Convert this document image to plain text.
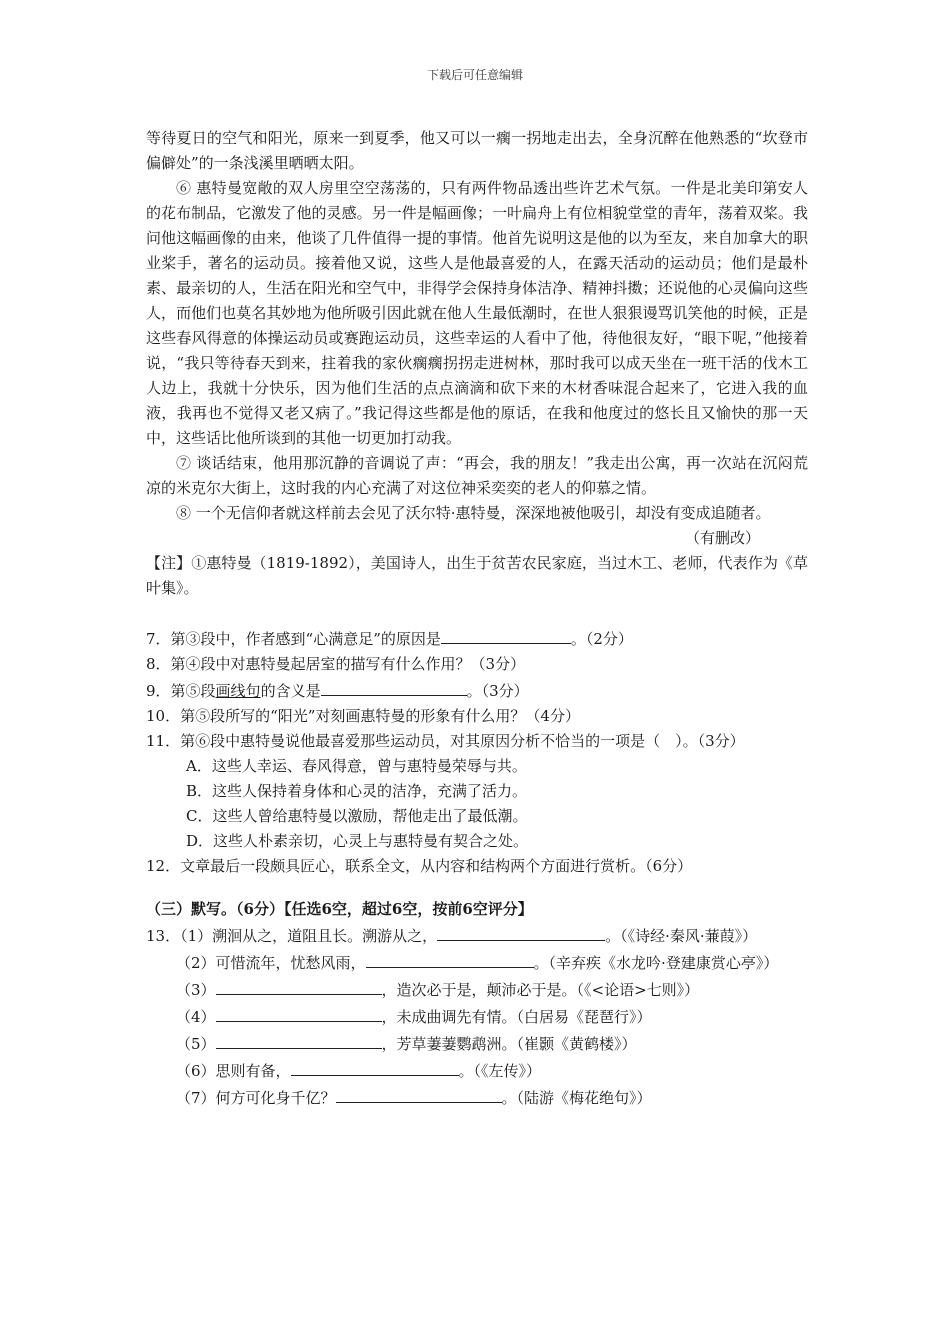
下载后可任意编辑

等待夏日的空气和阳光，原来一到夏季，他又可以一瘸一拐地走出去，全身沉醉在他熟悉的“坎登市偏僻处”的一条浅溪里晒晒太阳。

⑥ 惠特曼宽敞的双人房里空空荡荡的，只有两件物品透出些许艺术气氛。一件是北美印第安人的花布制品，它激发了他的灵感。另一件是幅画像；一叶扁舟上有位相貌堂堂的青年，荡着双桨。我问他这幅画像的由来，他谈了几件值得一提的事情。他首先说明这是他的以为至友，来自加拿大的职业桨手，著名的运动员。接着他又说，这些人是他最喜爱的人，在露天活动的运动员；他们是最朴素、最亲切的人，生活在阳光和空气中，非得学会保持身体洁净、精神抖擞；还说他的心灵偏向这些人，而他们也莫名其妙地为他所吸引因此就在他人生最低潮时，在世人狠狠谩骂讥笑他的时候，正是这些春风得意的体操运动员或赛跑运动员，这些幸运的人看中了他，待他很友好，“眼下呢，”他接着说，“我只等待春天到来，拄着我的家伙瘸瘸拐拐走进树林，那时我可以成天坐在一班干活的伐木工人边上，我就十分快乐，因为他们生活的点点滴滴和砍下来的木材香味混合起来了，它进入我的血液，我再也不觉得又老又病了。”我记得这些都是他的原话，在我和他度过的悠长且又愉快的那一天中，这些话比他所谈到的其他一切更加打动我。

⑦ 谈话结束，他用那沉静的音调说了声：“再会，我的朋友！”我走出公寓，再一次站在沉闷荒凉的米克尔大街上，这时我的内心充满了对这位神采奕奕的老人的仰慕之情。

⑧ 一个无信仰者就这样前去会见了沃尔特·惠特曼，深深地被他吸引，却没有变成追随者。

（有删改）

【注】①惠特曼（1819-1892），美国诗人，出生于贫苦农民家庭，当过木工、老师，代表作为《草叶集》。

7．第③段中，作者感到“心满意足”的原因是	。（2分）

8．第④段中对惠特曼起居室的描写有什么作用？（3分）

9．第⑤段画线句的含义是	。（3分）

10．第⑤段所写的“阳光”对刻画惠特曼的形象有什么用？（4分）

11．第⑥段中惠特曼说他最喜爱那些运动员，对其原因分析不恰当的一项是（　）。（3分）

A．这些人幸运、春风得意，曾与惠特曼荣辱与共。

B．这些人保持着身体和心灵的洁净，充满了活力。

C．这些人曾给惠特曼以激励，帮他走出了最低潮。

D．这些人朴素亲切，心灵上与惠特曼有契合之处。

12．文章最后一段颇具匠心，联系全文，从内容和结构两个方面进行赏析。（6分）

（三）默写。（6分）【任选6空，超过6空，按前6空评分】

13．（1）溯洄从之，道阻且长。溯游从之，	。（《诗经·秦风·蒹葭》）

（2）可惜流年，忧愁风雨，	。（辛弃疾《水龙吟·登建康赏心亭》）

（3）	，造次必于是，颠沛必于是。（《<论语>七则》）

（4）	，未成曲调先有情。（白居易《琵琶行》）

（5）	，芳草萋萋鹦鹉洲。（崔颢《黄鹤楼》）

（6）思则有备，	。（《左传》）

（7）何方可化身千亿？	。（陆游《梅花绝句》）
